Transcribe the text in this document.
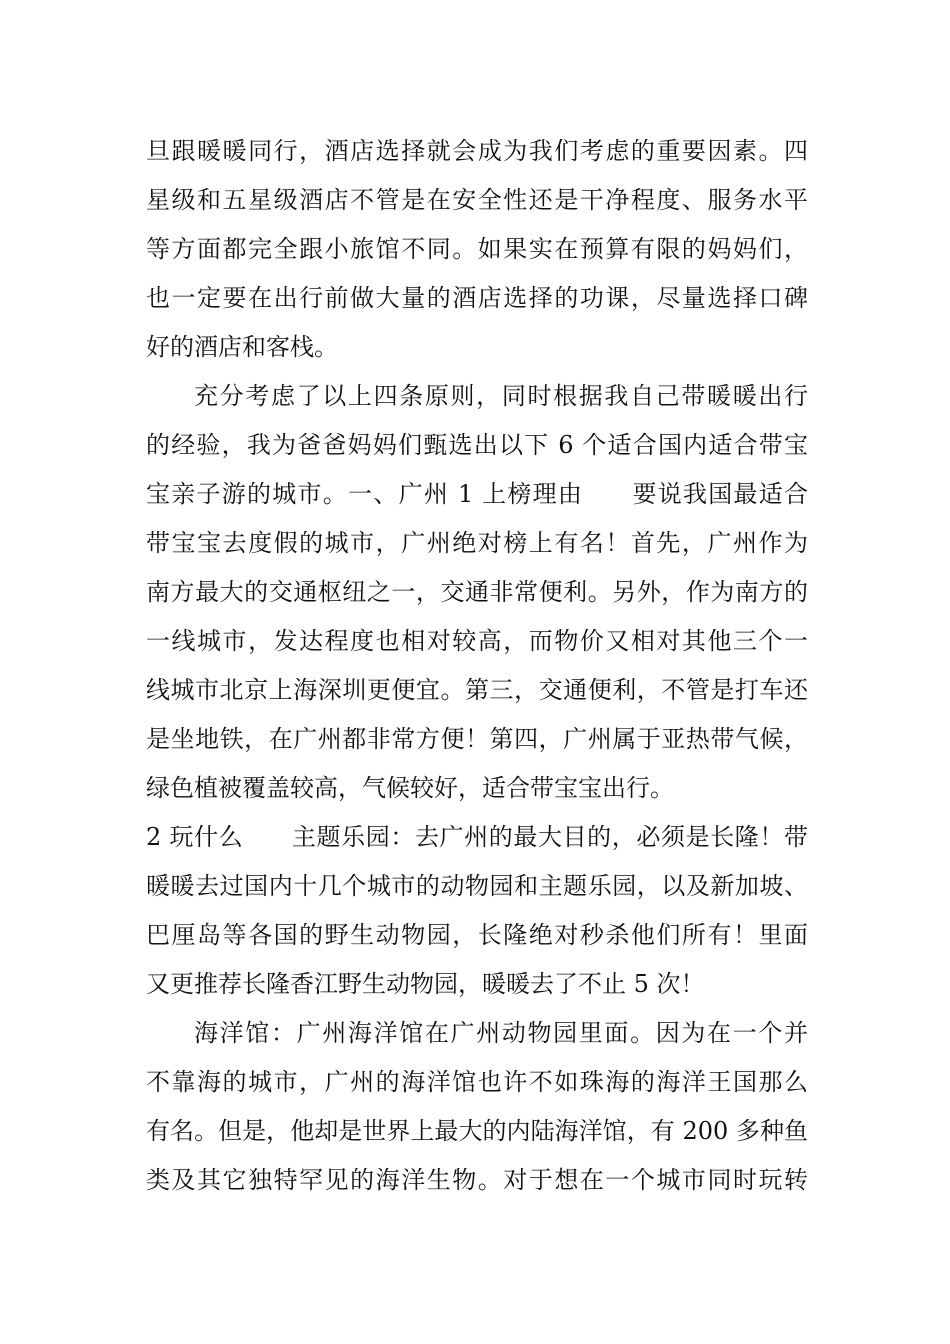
旦跟暖暖同行，酒店选择就会成为我们考虑的重要因素。四
星级和五星级酒店不管是在安全性还是干净程度、服务水平
等方面都完全跟小旅馆不同。如果实在预算有限的妈妈们，
也一定要在出行前做大量的酒店选择的功课，尽量选择口碑
好的酒店和客栈。
充分考虑了以上四条原则，同时根据我自己带暖暖出行
的经验，我为爸爸妈妈们甄选出以下 6 个适合国内适合带宝
宝亲子游的城市。一、广州 1 上榜理由 要说我国最适合
带宝宝去度假的城市，广州绝对榜上有名！首先，广州作为
南方最大的交通枢纽之一，交通非常便利。另外，作为南方的
一线城市，发达程度也相对较高，而物价又相对其他三个一
线城市北京上海深圳更便宜。第三，交通便利，不管是打车还
是坐地铁，在广州都非常方便！第四，广州属于亚热带气候，
绿色植被覆盖较高，气候较好，适合带宝宝出行。
2 玩什么 主题乐园：去广州的最大目的，必须是长隆！带
暖暖去过国内十几个城市的动物园和主题乐园，以及新加坡、
巴厘岛等各国的野生动物园，长隆绝对秒杀他们所有！里面
又更推荐长隆香江野生动物园，暖暖去了不止 5 次！
海洋馆：广州海洋馆在广州动物园里面。因为在一个并
不靠海的城市，广州的海洋馆也许不如珠海的海洋王国那么
有名。但是，他却是世界上最大的内陆海洋馆，有 200 多种鱼
类及其它独特罕见的海洋生物。对于想在一个城市同时玩转
